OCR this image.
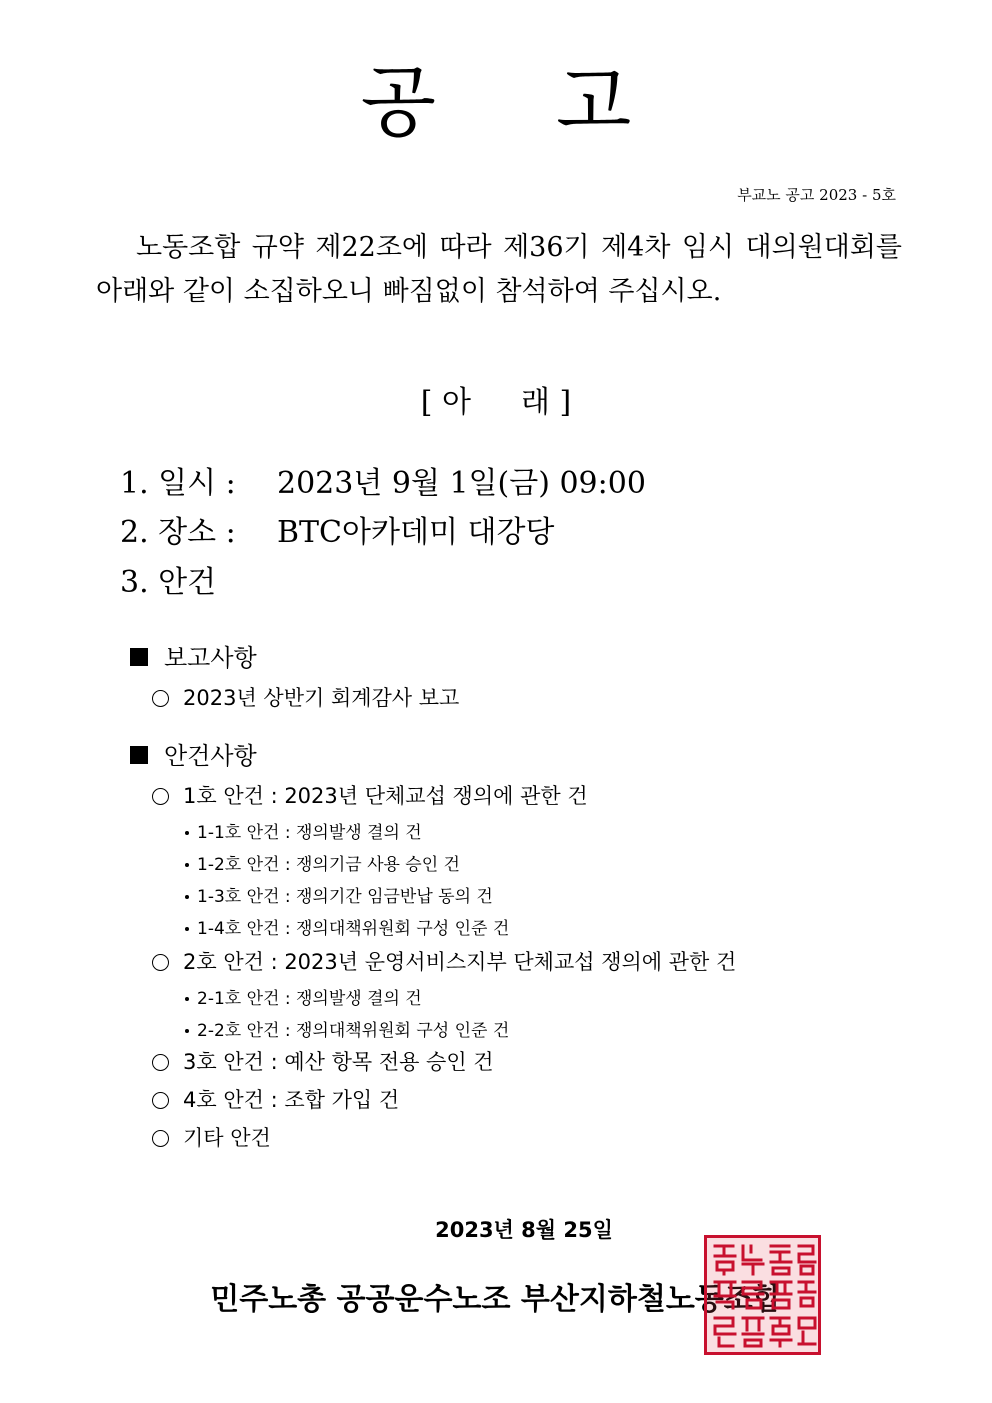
공 고
부교노 공고 2023 - 5호
노동조합 규약 제22조에 따라 제36기 제4차 임시 대의원대회를 아래와 같이 소집하오니 빠짐없이 참석하여 주십시오.
[ 아 래 ]
1. 일시 : 2023년 9월 1일(금) 09:00
2. 장소 : BTC아카데미 대강당
3. 안건
보고사항
2023년 상반기 회계감사 보고
안건사항
1호 안건 : 2023년 단체교섭 쟁의에 관한 건
1-1호 안건 : 쟁의발생 결의 건
1-2호 안건 : 쟁의기금 사용 승인 건
1-3호 안건 : 쟁의기간 임금반납 동의 건
1-4호 안건 : 쟁의대책위원회 구성 인준 건
2호 안건 : 2023년 운영서비스지부 단체교섭 쟁의에 관한 건
2-1호 안건 : 쟁의발생 결의 건
2-2호 안건 : 쟁의대책위원회 구성 인준 건
3호 안건 : 예산 항목 전용 승인 건
4호 안건 : 조합 가입 건
기타 안건
2023년 8월 25일
민주노총 공공운수노조 부산지하철노동조합
